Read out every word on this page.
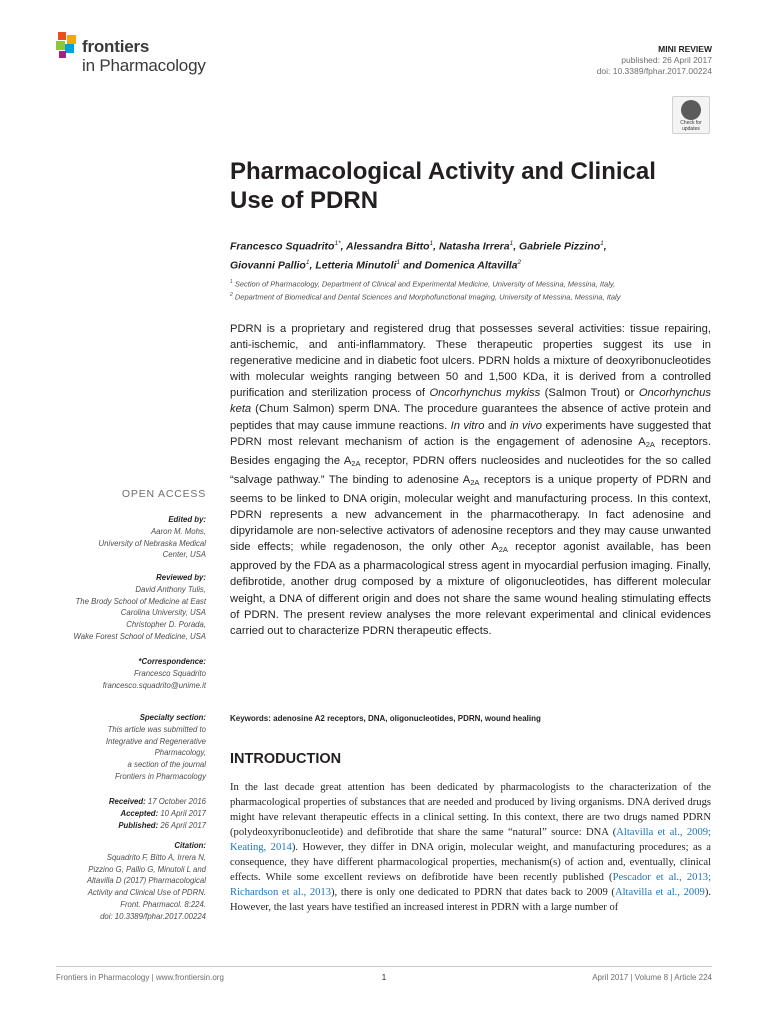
frontiers
in Pharmacology
MINI REVIEW
published: 26 April 2017
doi: 10.3389/fphar.2017.00224
Check for updates
Pharmacological Activity and Clinical
Use of PDRN
Francesco Squadrito$^{1*}$, Alessandra Bitto$^1$, Natasha Irrera$^1$, Gabriele Pizzino$^1$,
Giovanni Pallio$^1$, Letteria Minutoli$^1$ and Domenica Altavilla$^2$
$^1$ Section of Pharmacology, Department of Clinical and Experimental Medicine, University of Messina, Messina, Italy,
$^2$ Department of Biomedical and Dental Sciences and Morphofunctional Imaging, University of Messina, Messina, Italy

PDRN is a proprietary and registered drug that possesses several activities: tissue repairing, anti-ischemic, and anti-inflammatory. These therapeutic properties suggest its use in regenerative medicine and in diabetic foot ulcers. PDRN holds a mixture of deoxyribonucleotides with molecular weights ranging between 50 and 1,500 KDa, it is derived from a controlled purification and sterilization process of Oncorhynchus mykiss (Salmon Trout) or Oncorhynchus keta (Chum Salmon) sperm DNA. The procedure guarantees the absence of active protein and peptides that may cause immune reactions. In vitro and in vivo experiments have suggested that PDRN most relevant mechanism of action is the engagement of adenosine $A_{2A}$ receptors. Besides engaging the $A_{2A}$ receptor, PDRN offers nucleosides and nucleotides for the so called “salvage pathway.” The binding to adenosine $A_{2A}$ receptors is a unique property of PDRN and seems to be linked to DNA origin, molecular weight and manufacturing process. In this context, PDRN represents a new advancement in the pharmacotherapy. In fact adenosine and dipyridamole are non-selective activators of adenosine receptors and they may cause unwanted side effects; while regadenoson, the only other $A_{2A}$ receptor agonist available, has been approved by the FDA as a pharmacological stress agent in myocardial perfusion imaging. Finally, defibrotide, another drug composed by a mixture of oligonucleotides, has different molecular weight, a DNA of different origin and does not share the same wound healing stimulating effects of PDRN. The present review analyses the more relevant experimental and clinical evidences carried out to characterize PDRN therapeutic effects.

Keywords: adenosine A2 receptors, DNA, oligonucleotides, PDRN, wound healing
INTRODUCTION

In the last decade great attention has been dedicated by pharmacologists to the characterization of the pharmacological properties of substances that are needed and produced by living organisms. DNA derived drugs might have relevant therapeutic effects in a clinical setting. In this context, there are two drugs named PDRN (polydeoxyribonucleotide) and defibrotide that share the same “natural” source: DNA (Altavilla et al., 2009; Keating, 2014). However, they differ in DNA origin, molecular weight, and manufacturing procedures; as a consequence, they have different pharmacological properties, mechanism(s) of action and, eventually, clinical effects. While some excellent reviews on defibrotide have been recently published (Pescador et al., 2013; Richardson et al., 2013), there is only one dedicated to PDRN that dates back to 2009 (Altavilla et al., 2009). However, the last years have testified an increased interest in PDRN with a large number of

OPEN ACCESS
Edited by:
Aaron M. Mohs,
University of Nebraska Medical
Center, USA
Reviewed by:
David Anthony Tulis,
The Brody School of Medicine at East
Carolina University, USA
Christopher D. Porada,
Wake Forest School of Medicine, USA
*Correspondence:
Francesco Squadrito
francesco.squadrito@unime.it
Specialty section:
This article was submitted to
Integrative and Regenerative
Pharmacology,
a section of the journal
Frontiers in Pharmacology
Received: 17 October 2016
Accepted: 10 April 2017
Published: 26 April 2017
Citation:
Squadrito F, Bitto A, Irrera N,
Pizzino G, Pallio G, Minutoli L and
Altavilla D (2017) Pharmacological
Activity and Clinical Use of PDRN.
Front. Pharmacol. 8:224.
doi: 10.3389/fphar.2017.00224
Frontiers in Pharmacology | www.frontiersin.org	1	April 2017 | Volume 8 | Article 224
